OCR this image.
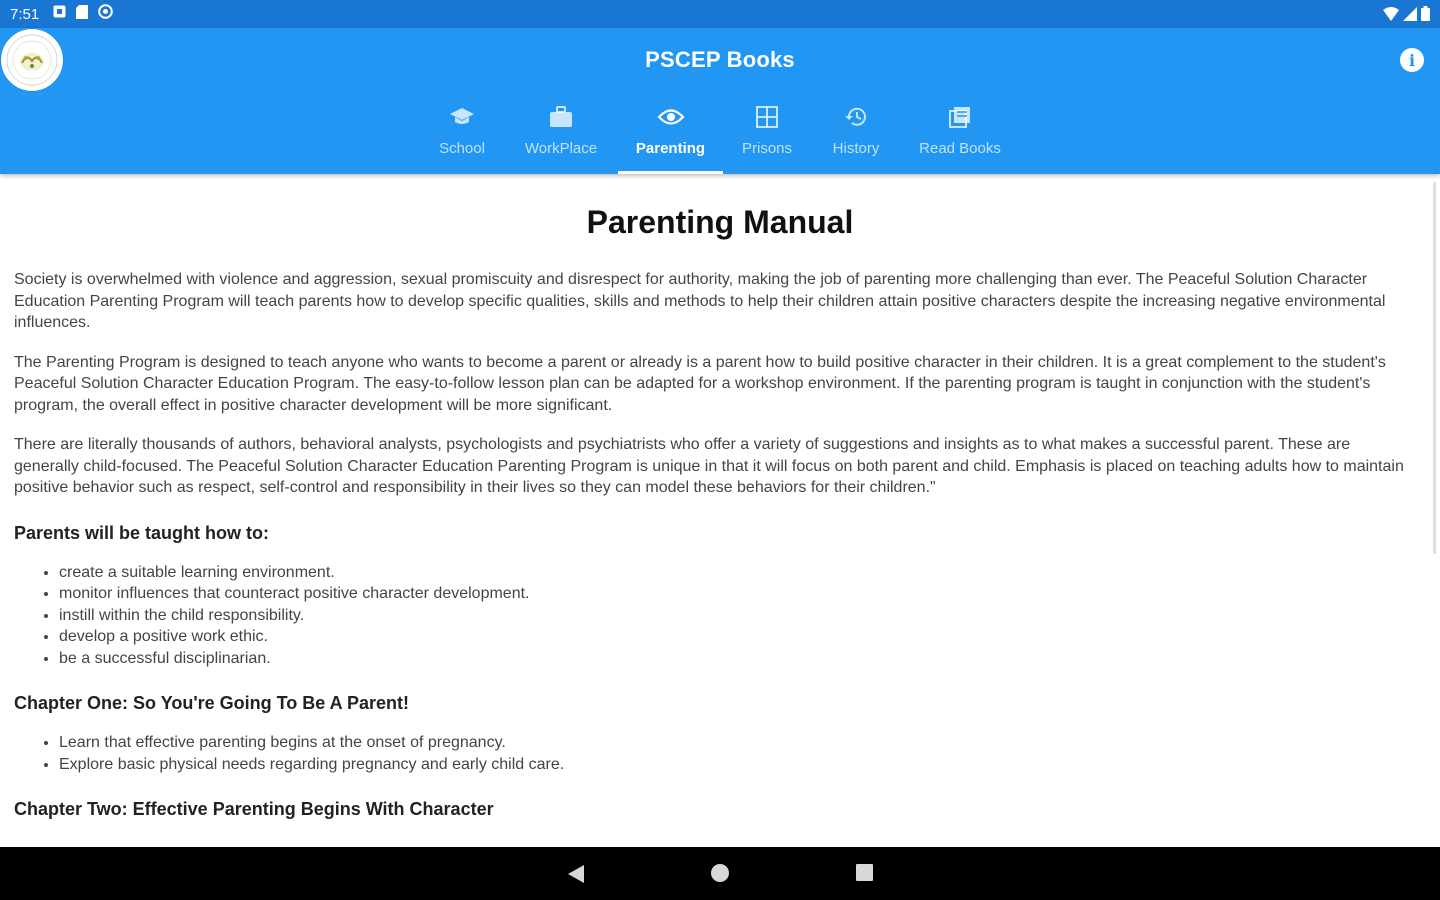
7:51
PSCEP Books	i
School	WorkPlace	Parenting Prisons	History	Read Books
Parenting Manual

Society is overwhelmed with violence and aggression, sexual promiscuity and disrespect for authority, making the job of parenting more challenging than ever. The Peaceful Solution Character Education Parenting Program will teach parents how to develop specific qualities, skills and methods to help their children attain positive characters despite the increasing negative environmental influences.

The Parenting Program is designed to teach anyone who wants to become a parent or already is a parent how to build positive character in their children. It is a great complement to the student's Peaceful Solution Character Education Program. The easy-to-follow lesson plan can be adapted for a workshop environment. If the parenting program is taught in conjunction with the student's program, the overall effect in positive character development will be more significant.

There are literally thousands of authors, behavioral analysts, psychologists and psychiatrists who offer a variety of suggestions and insights as to what makes a successful parent. These are generally child-focused. The Peaceful Solution Character Education Parenting Program is unique in that it will focus on both parent and child. Emphasis is placed on teaching adults how to maintain positive behavior such as respect, self-control and responsibility in their lives so they can model these behaviors for their children."

Parents will be taught how to:
• create a suitable learning environment.
• monitor influences that counteract positive character development.
• instill within the child responsibility.
• develop a positive work ethic.
• be a successful disciplinarian.
Chapter One: So You're Going To Be A Parent!
• Learn that effective parenting begins at the onset of pregnancy.
• Explore basic physical needs regarding pregnancy and early child care.
Chapter Two: Effective Parenting Begins With Character
